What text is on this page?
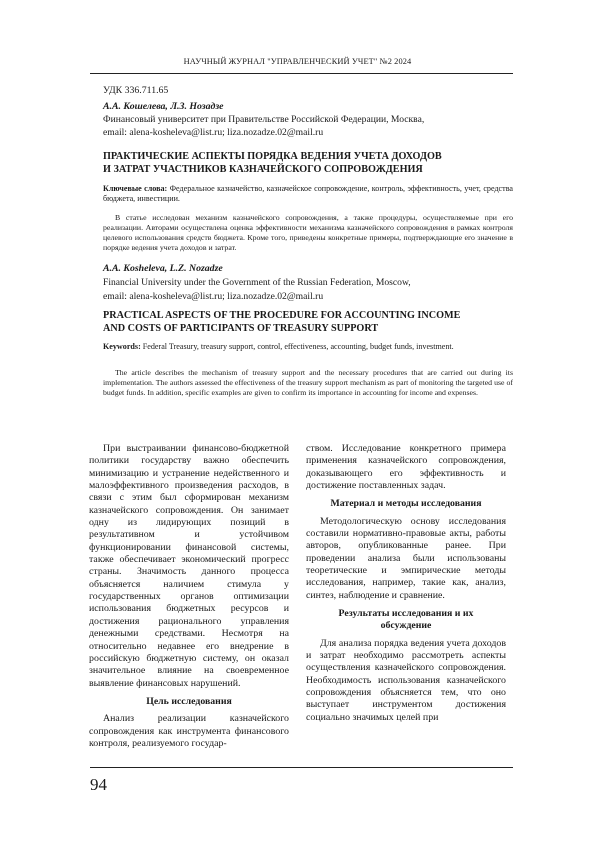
НАУЧНЫЙ ЖУРНАЛ "УПРАВЛЕНЧЕСКИЙ УЧЕТ" №2 2024
УДК 336.711.65
А.А. Кошелева, Л.З. Нозадзе
Финансовый университет при Правительстве Российской Федерации, Москва,
email: alena-kosheleva@list.ru; liza.nozadze.02@mail.ru
ПРАКТИЧЕСКИЕ АСПЕКТЫ ПОРЯДКА ВЕДЕНИЯ УЧЕТА ДОХОДОВ
И ЗАТРАТ УЧАСТНИКОВ КАЗНАЧЕЙСКОГО СОПРОВОЖДЕНИЯ
Ключевые слова: Федеральное казначейство, казначейское сопровождение, контроль, эффективность, учет, средства бюджета, инвестиции.
В статье исследован механизм казначейского сопровождения, а также процедуры, осуществляемые при его реализации. Авторами осуществлена оценка эффективности механизма казначейского сопровождения в рамках контроля целевого использования средств бюджета. Кроме того, приведены конкретные примеры, подтверждающие его значение в порядке ведения учета доходов и затрат.
A.A. Kosheleva, L.Z. Nozadze
Financial University under the Government of the Russian Federation, Moscow,
email: alena-kosheleva@list.ru; liza.nozadze.02@mail.ru
PRACTICAL ASPECTS OF THE PROCEDURE FOR ACCOUNTING INCOME
AND COSTS OF PARTICIPANTS OF TREASURY SUPPORT
Keywords: Federal Treasury, treasury support, control, effectiveness, accounting, budget funds, investment.
The article describes the mechanism of treasury support and the necessary procedures that are carried out during its implementation. The authors assessed the effectiveness of the treasury support mechanism as part of monitoring the targeted use of budget funds. In addition, specific examples are given to confirm its importance in accounting for income and expenses.

При выстраивании финансово-бюджетной политики государству важно обеспечить минимизацию и устранение недейственного и малоэффективного произведения расходов, в связи с этим был сформирован механизм казначейского сопровождения. Он занимает одну из лидирующих позиций в результативном и устойчивом функционировании финансовой системы, также обеспечивает экономический прогресс страны. Значимость данного процесса объясняется наличием стимула у государственных органов оптимизации использования бюджетных ресурсов и достижения рационального управления денежными средствами. Несмотря на относительно недавнее его внедрение в российскую бюджетную систему, он оказал значительное влияние на своевременное выявление финансовых нарушений.

Цель исследования

Анализ реализации казначейского сопровождения как инструмента финансового контроля, реализуемого государ-

ством. Исследование конкретного примера применения казначейского сопровождения, доказывающего его эффективность и достижение поставленных задач.

Материал и методы исследования

Методологическую основу исследования составили нормативно-правовые акты, работы авторов, опубликованные ранее. При проведении анализа были использованы теоретические и эмпирические методы исследования, например, такие как, анализ, синтез, наблюдение и сравнение.

Результаты исследования и их
обсуждение

Для анализа порядка ведения учета доходов и затрат необходимо рассмотреть аспекты осуществления казначейского сопровождения. Необходимость использования казначейского сопровождения объясняется тем, что оно выступает инструментом достижения социально значимых целей при

94
